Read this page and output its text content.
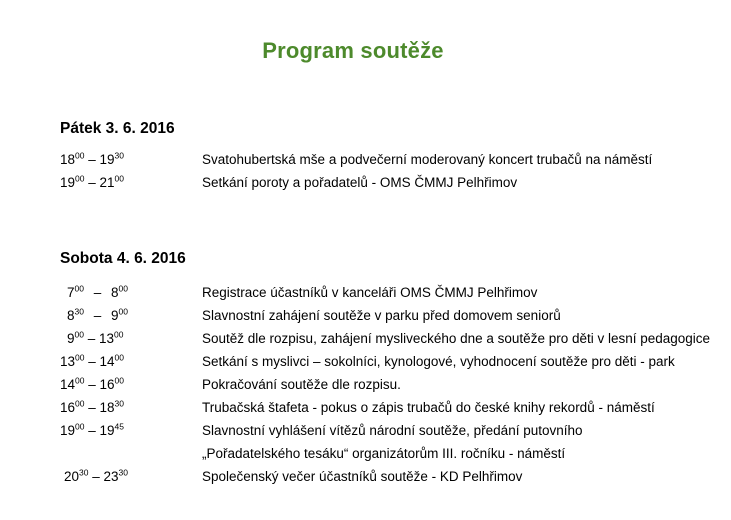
Program soutěže
Pátek 3. 6. 2016
$18^{00} - 19^{30}$	Svatohubertská mše a podvečerní moderovaný koncert trubačů na náměstí
$19^{00} - 21^{00}$	Setkání poroty a pořadatelů - OMS ČMMJ Pelhřimov
Sobota 4. 6. 2016
$7^{00} - 8^{00}$	Registrace účastníků v kanceláři OMS ČMMJ Pelhřimov
$8^{30} - 9^{00}$	Slavnostní zahájení soutěže v parku před domovem seniorů
$9^{00} - 13^{00}$	Soutěž dle rozpisu, zahájení mysliveckého dne a soutěže pro děti v lesní pedagogice
$13^{00} - 14^{00}$	Setkání s myslivci – sokolníci, kynologové, vyhodnocení soutěže pro děti - park
$14^{00} - 16^{00}$	Pokračování soutěže dle rozpisu.
$16^{00} - 18^{30}$	Trubačská štafeta - pokus o zápis trubačů do české knihy rekordů - náměstí
$19^{00} - 19^{45}$	Slavnostní vyhlášení vítězů národní soutěže, předání putovního
„Pořadatelského tesáku“ organizátorům III. ročníku - náměstí
$20^{30} - 23^{30}$	Společenský večer účastníků soutěže - KD Pelhřimov
